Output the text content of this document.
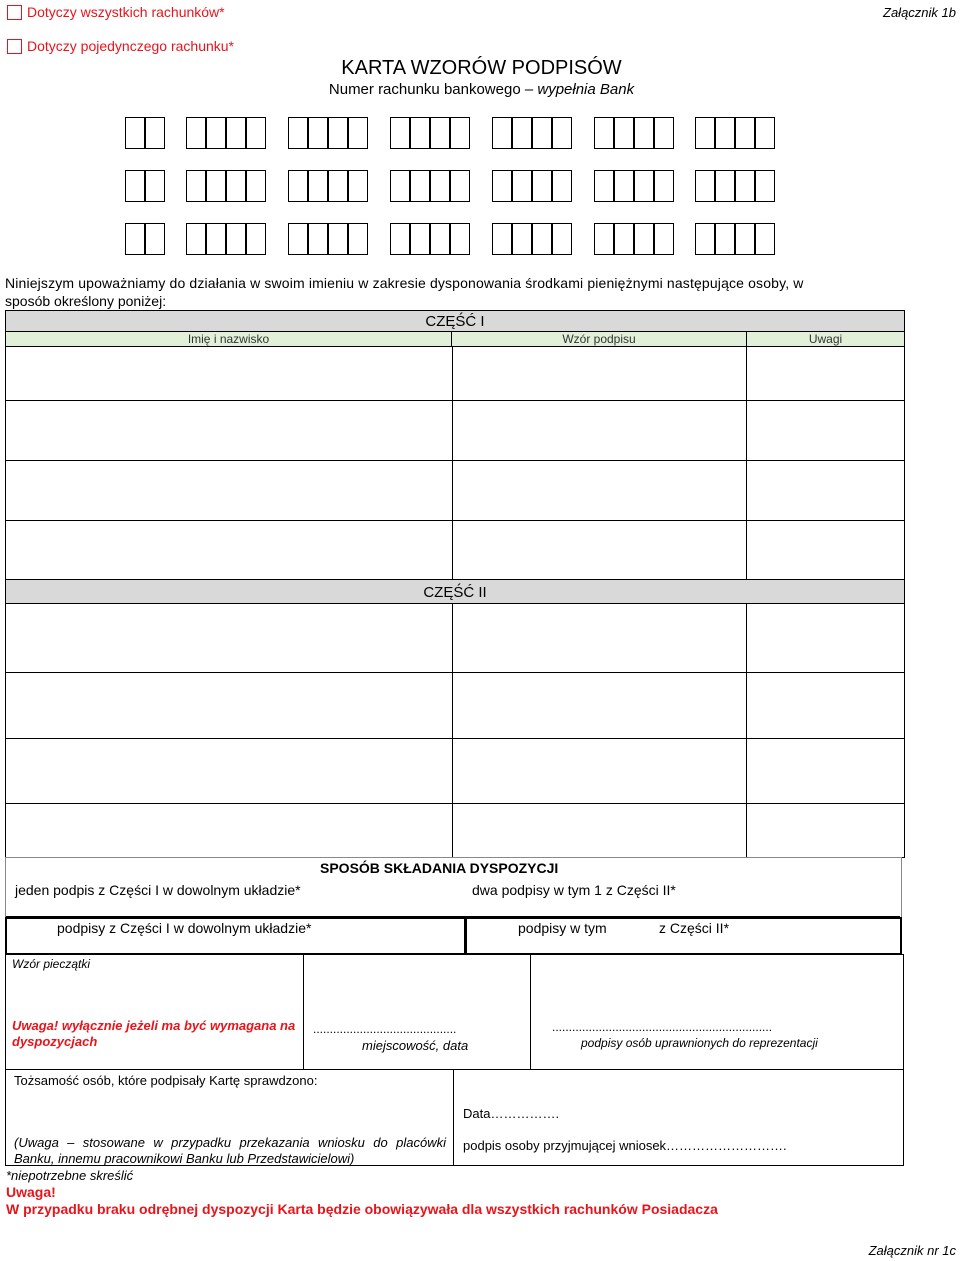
Dotyczy wszystkich rachunków*
Dotyczy pojedynczego rachunku*
Załącznik 1b
KARTA WZORÓW PODPISÓW
Numer rachunku bankowego – wypełnia Bank
Niniejszym upoważniamy do działania w swoim imieniu w zakresie dysponowania środkami pieniężnymi następujące osoby, w
sposób określony poniżej:
CZĘŚĆ I
Imię i nazwisko	Wzór podpisu	Uwagi
CZĘŚĆ II
SPOSÓB SKŁADANIA DYSPOZYCJI
jeden podpis z Części I w dowolnym układzie*	dwa podpisy w tym 1 z Części II*
podpisy z Części I w dowolnym układzie*	podpisy w tym	z Części II*
Wzór pieczątki
Uwaga! wyłącznie jeżeli ma być wymagana na dyspozycjach
...........................................
miejscowość, data
..................................................................
podpisy osób uprawnionych do reprezentacji
Tożsamość osób, które podpisały Kartę sprawdzono:
Data…………….
(Uwaga – stosowane w przypadku przekazania wniosku do placówki Banku, innemu pracownikowi Banku lub Przedstawicielowi)
podpis osoby przyjmującej wniosek……………………….
*niepotrzebne skreślić
Uwaga!
W przypadku braku odrębnej dyspozycji Karta będzie obowiązywała dla wszystkich rachunków Posiadacza
Załącznik nr 1c
